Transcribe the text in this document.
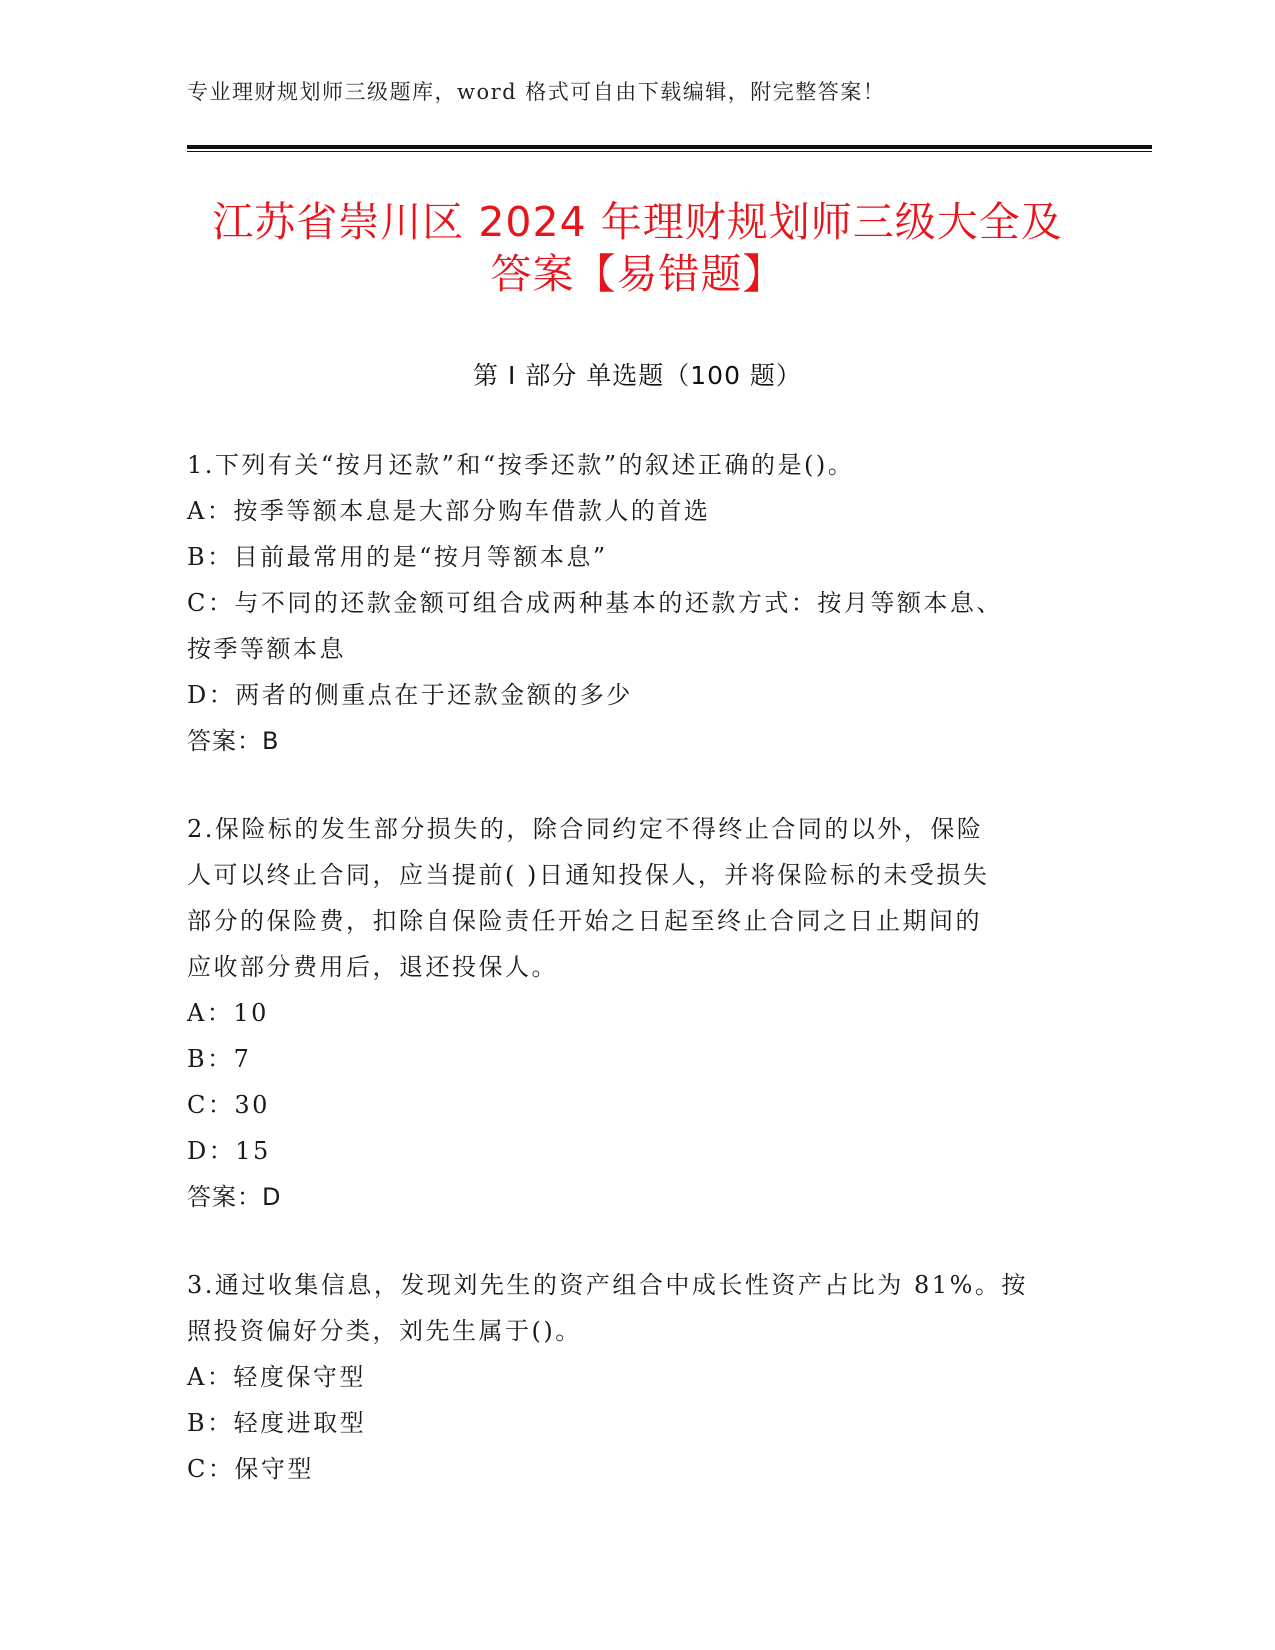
专业理财规划师三级题库，word 格式可自由下载编辑，附完整答案！
江苏省崇川区 2024 年理财规划师三级大全及
答案【易错题】
第 I 部分 单选题（100 题）
1.下列有关“按月还款”和“按季还款”的叙述正确的是()。
A：按季等额本息是大部分购车借款人的首选
B：目前最常用的是“按月等额本息”
C：与不同的还款金额可组合成两种基本的还款方式：按月等额本息、
按季等额本息
D：两者的侧重点在于还款金额的多少
答案：B
2.保险标的发生部分损失的，除合同约定不得终止合同的以外，保险
人可以终止合同，应当提前( )日通知投保人，并将保险标的未受损失
部分的保险费，扣除自保险责任开始之日起至终止合同之日止期间的
应收部分费用后，退还投保人。
A：10
B：7
C：30
D：15
答案：D
3.通过收集信息，发现刘先生的资产组合中成长性资产占比为 81%。按
照投资偏好分类，刘先生属于()。
A：轻度保守型
B：轻度进取型
C：保守型
